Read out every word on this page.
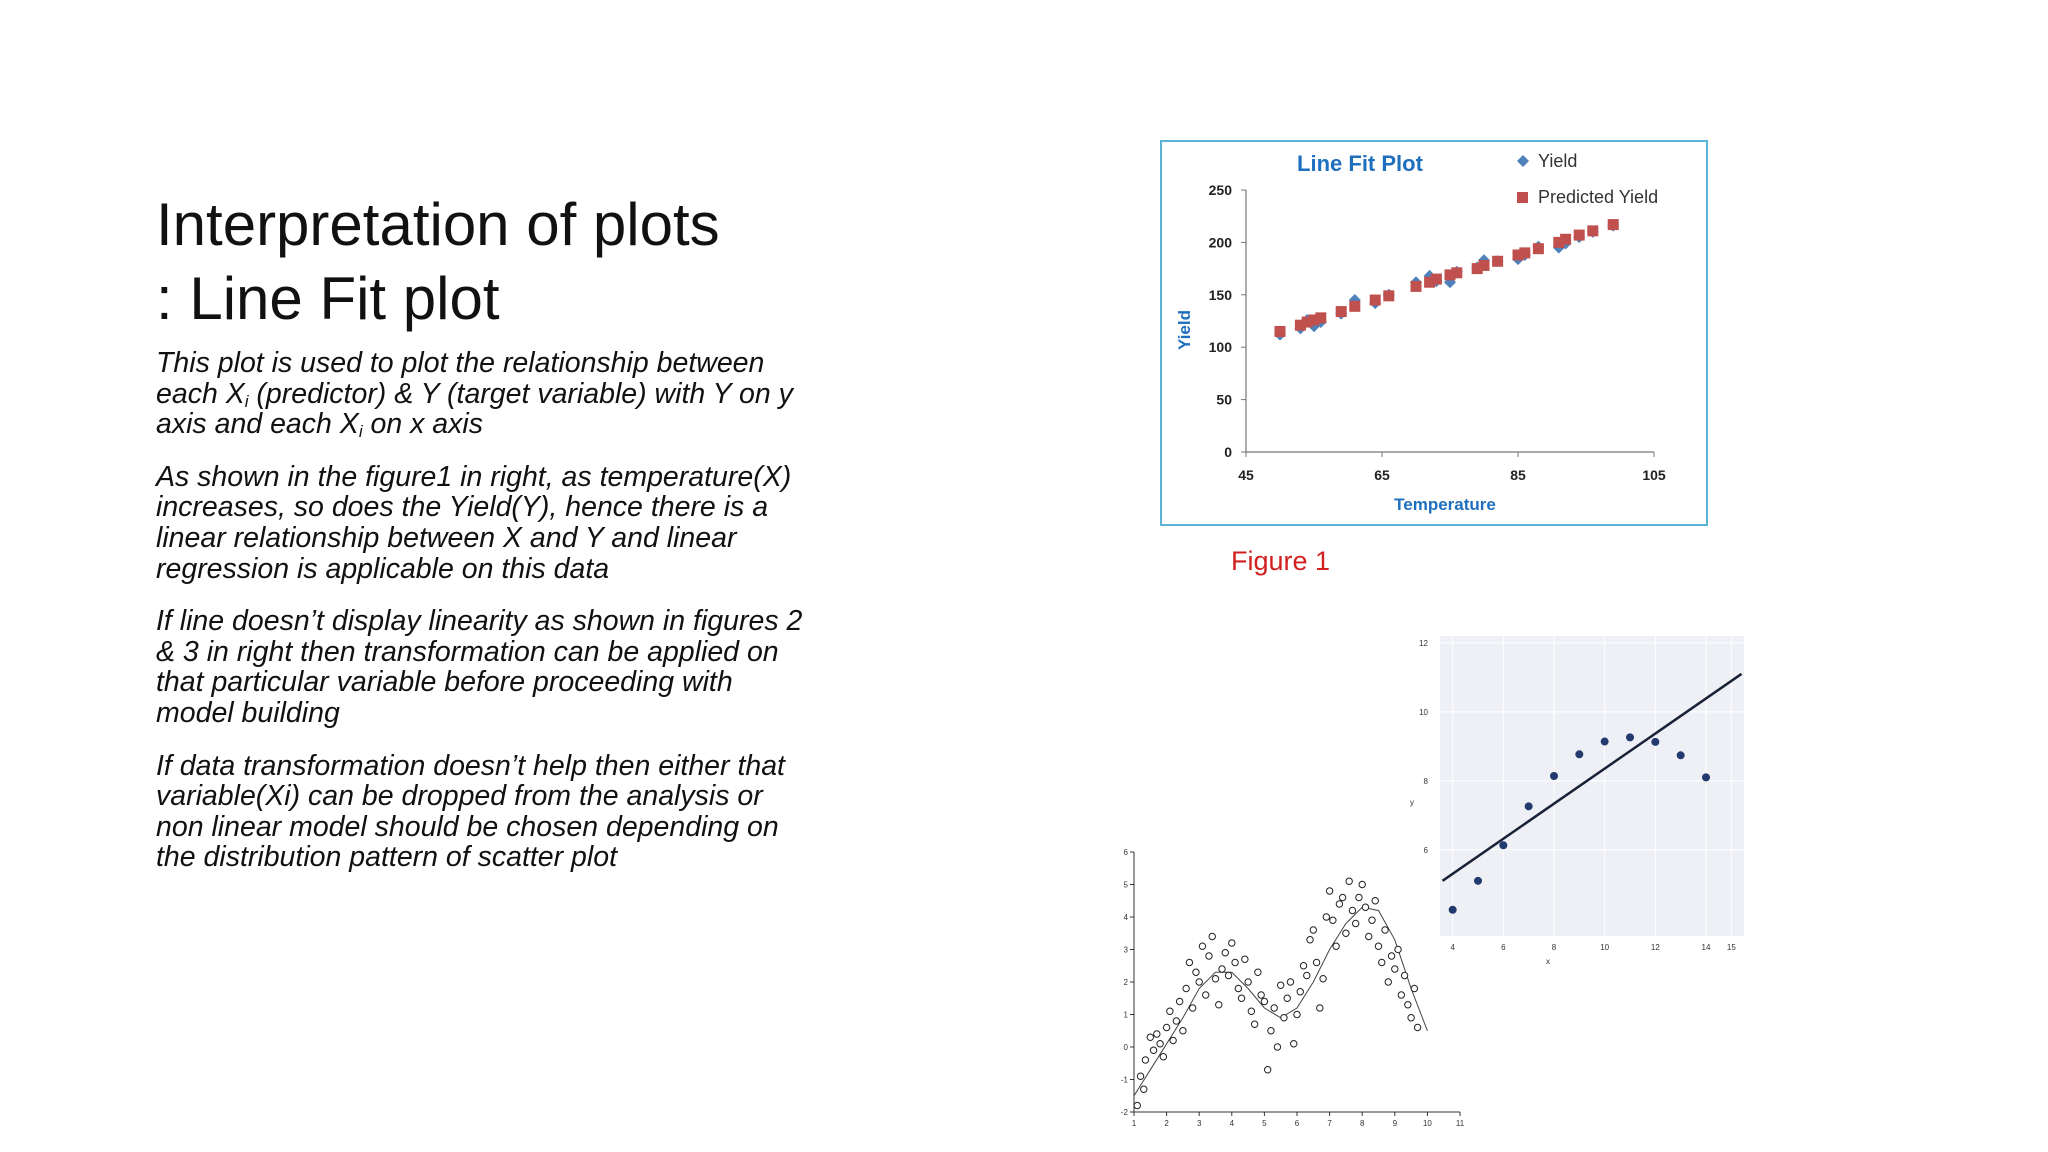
Interpretation of plots
: Line Fit plot

This plot is used to plot the relationship between each $X_i$ (predictor) & Y (target variable) with Y on y axis and each $X_i$ on x axis

As shown in the figure1 in right, as temperature(X) increases, so does the Yield(Y), hence there is a linear relationship between X and Y and linear regression is applicable on this data

If line doesn’t display linearity as shown in figures 2 & 3 in right then transformation can be applied on that particular variable before proceeding with model building

If data transformation doesn’t help then either that variable(Xi) can be dropped from the analysis or non linear model should be chosen depending on the distribution pattern of scatter plot

0
50
100
150
200
250
45	65	85	105
Line Fit Plot
Temperature
Yield
Yield
Predicted Yield
Figure 1
-2
-1
0
1
2
3
4
5
6
1	2	3	4	5	6	7	8	9	10	11
6
8
10
12
4	6	8	10	12	14 15
x
y
